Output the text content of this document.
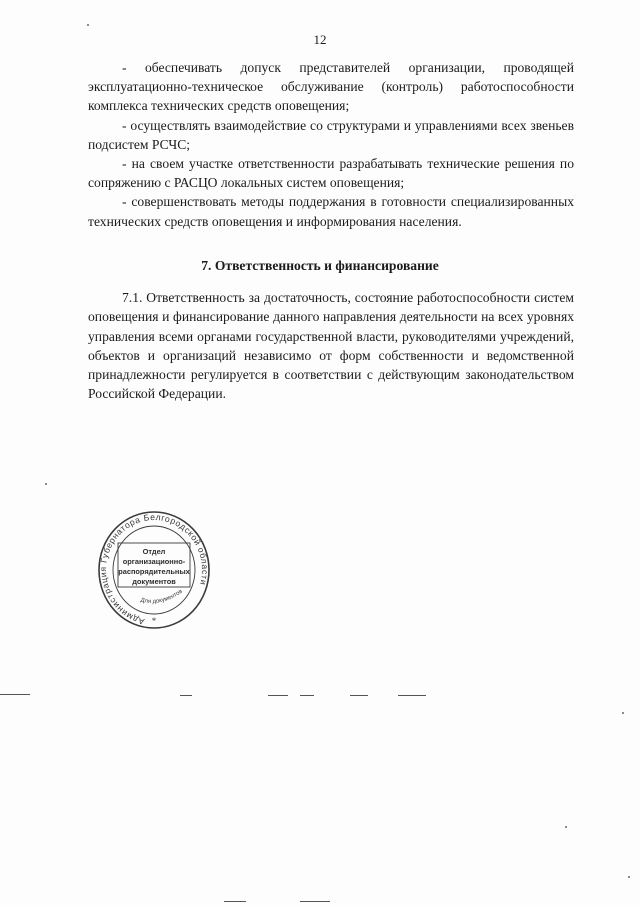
12

- обеспечивать допуск представителей организации, проводящей эксплуатационно-техническое обслуживание (контроль) работоспособности комплекса технических средств оповещения;

- осуществлять взаимодействие со структурами и управлениями всех звеньев подсистем РСЧС;

- на своем участке ответственности разрабатывать технические решения по сопряжению с РАСЦО локальных систем оповещения;

- совершенствовать методы поддержания в готовности специализированных технических средств оповещения и информирования населения.

7. Ответственность и финансирование

7.1. Ответственность за достаточность, состояние работоспособности систем оповещения и финансирование данного направления деятельности на всех уровнях управления всеми органами государственной власти, руководителями учреждений, объектов и организаций независимо от форм собственности и ведомственной принадлежности регулируется в соответствии с действующим законодательством Российской Федерации.

Администрация Губернатора Белгородской области
Отдел
организационно-
распорядительных
документов
Для документов
*
